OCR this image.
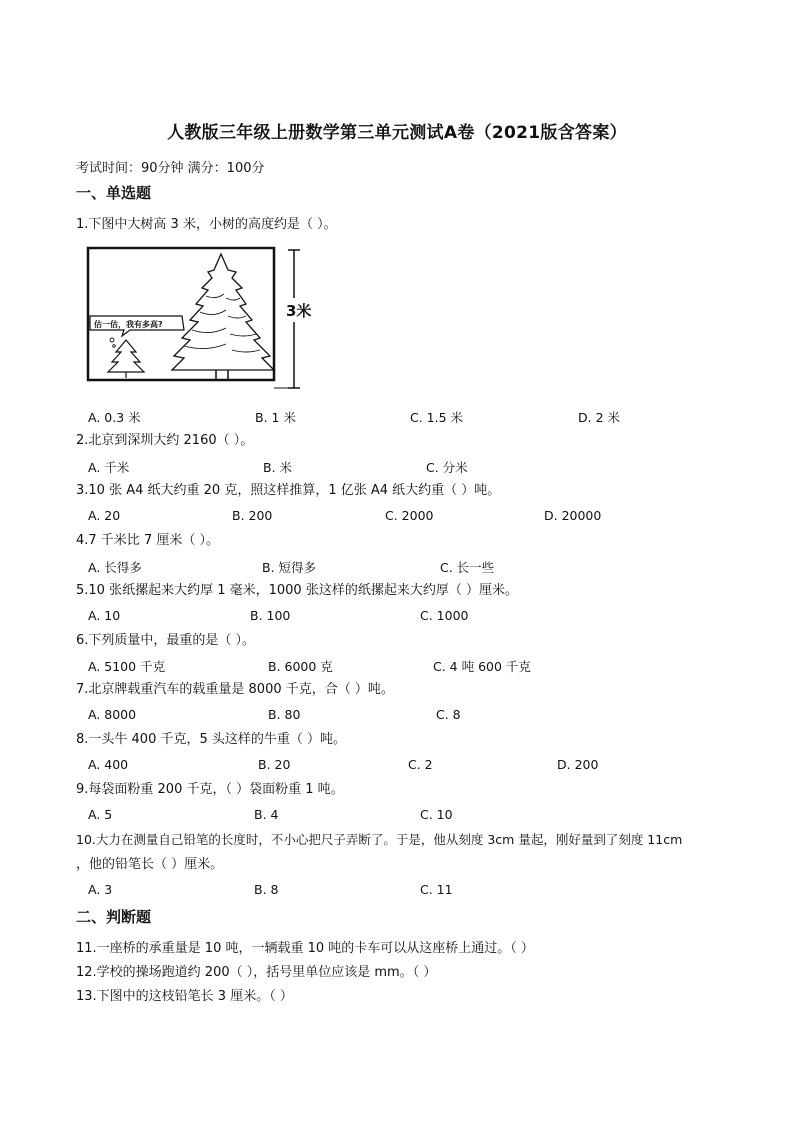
人教版三年级上册数学第三单元测试A卷（2021版含答案）
考试时间：90分钟 满分：100分
一、单选题
1.下图中大树高 3 米，小树的高度约是（ ）。
3米
估一估，我有多高?
A. 0.3 米	B. 1 米	C. 1.5 米	D. 2 米
2.北京到深圳大约 2160（ ）。
A. 千米	B. 米	C. 分米
3.10 张 A4 纸大约重 20 克，照这样推算，1 亿张 A4 纸大约重（ ）吨。
A. 20	B. 200	C. 2000	D. 20000
4.7 千米比 7 厘米（ ）。
A. 长得多	B. 短得多	C. 长一些
5.10 张纸摞起来大约厚 1 毫米，1000 张这样的纸摞起来大约厚（ ）厘米。
A. 10	B. 100	C. 1000
6.下列质量中，最重的是（ ）。
A. 5100 千克	B. 6000 克	C. 4 吨 600 千克
7.北京牌载重汽车的载重量是 8000 千克，合（ ）吨。
A. 8000	B. 80	C. 8
8.一头牛 400 千克，5 头这样的牛重（ ）吨。
A. 400	B. 20	C. 2	D. 200
9.每袋面粉重 200 千克，（ ）袋面粉重 1 吨。
A. 5	B. 4	C. 10
10.大力在测量自己铅笔的长度时，不小心把尺子弄断了。于是，他从刻度 3cm 量起，刚好量到了刻度 11cm
，他的铅笔长（ ）厘米。
A. 3	B. 8	C. 11
二、判断题
11.一座桥的承重量是 10 吨，一辆载重 10 吨的卡车可以从这座桥上通过。（ ）
12.学校的操场跑道约 200（ ），括号里单位应该是 mm。（ ）
13.下图中的这枝铅笔长 3 厘米。（ ）
